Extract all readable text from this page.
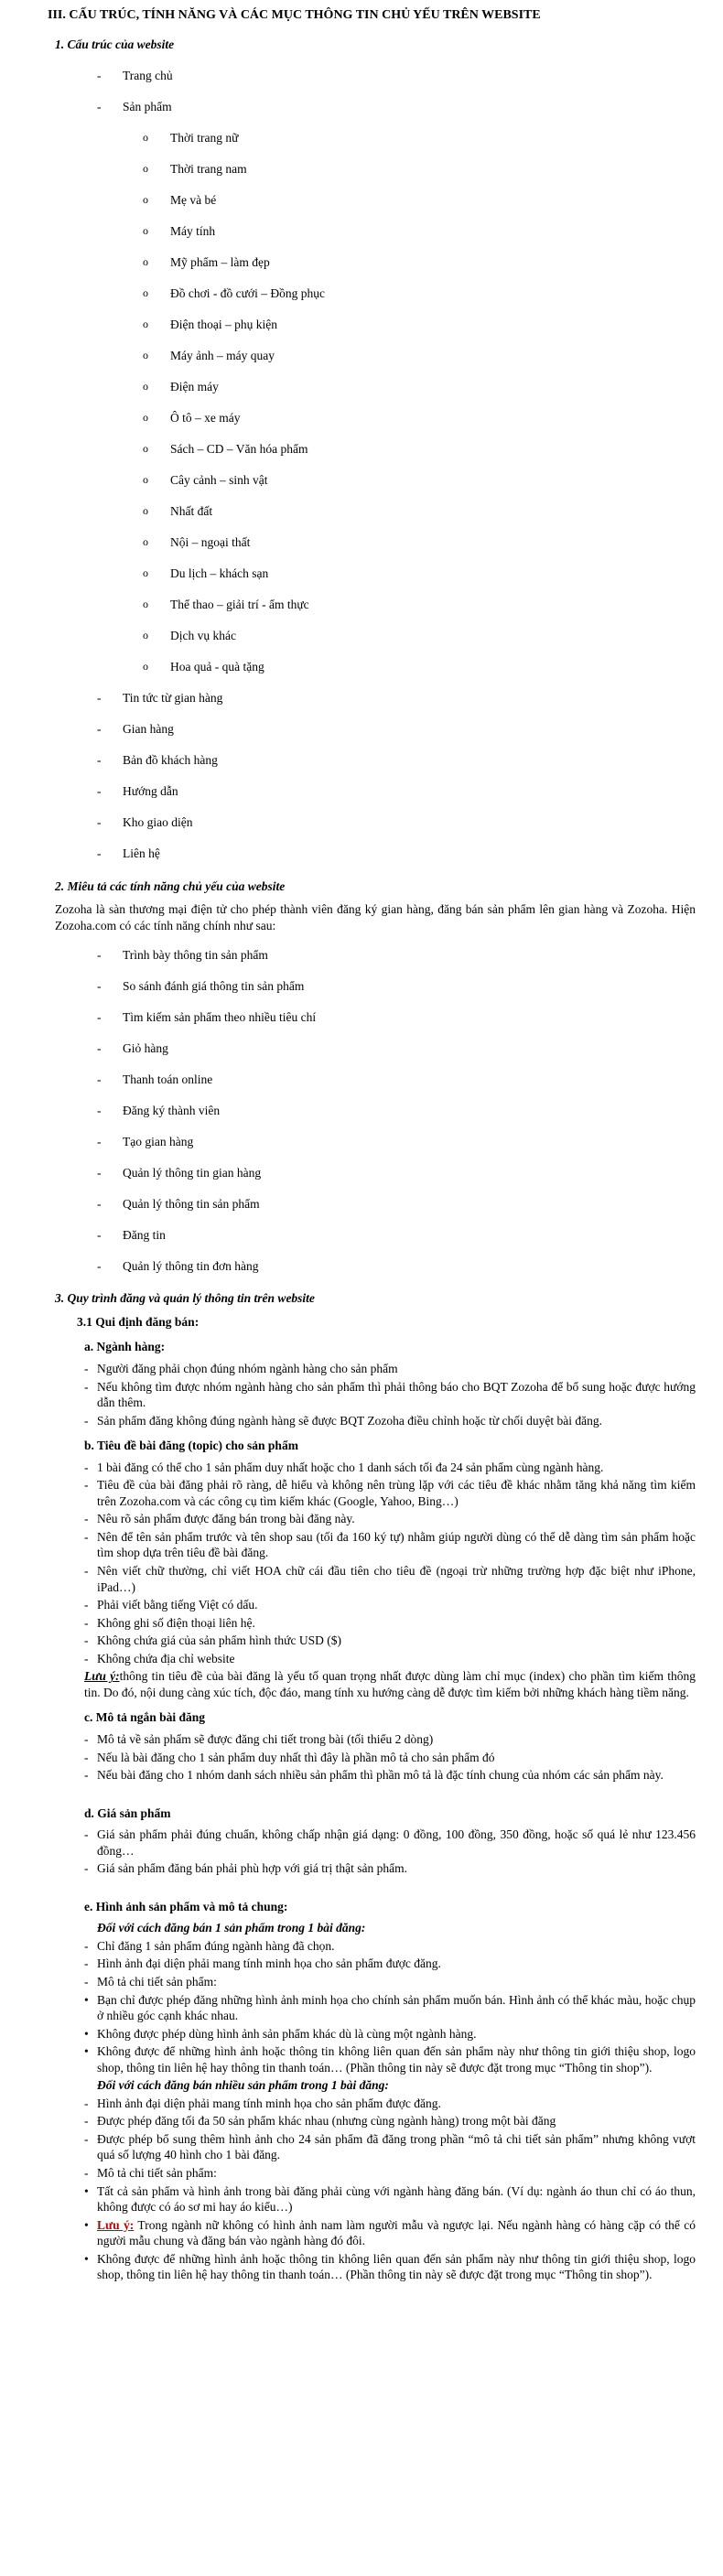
III. CẤU TRÚC, TÍNH NĂNG VÀ CÁC MỤC THÔNG TIN CHỦ YẾU TRÊN WEBSITE
1. Cấu trúc của website
- Trang chủ
- Sản phẩm
o Thời trang nữ
o Thời trang nam
o Mẹ và bé
o Máy tính
o Mỹ phẩm – làm đẹp
o Đồ chơi - đồ cưới – Đồng phục
o Điện thoại – phụ kiện
o Máy ảnh – máy quay
o Điện máy
o Ô tô – xe máy
o Sách – CD – Văn hóa phẩm
o Cây cảnh – sinh vật
o Nhất đất
o Nội – ngoại thất
o Du lịch – khách sạn
o Thể thao – giải trí - ẩm thực
o Dịch vụ khác
o Hoa quả - quà tặng
- Tin tức từ gian hàng
- Gian hàng
- Bản đồ khách hàng
- Hướng dẫn
- Kho giao diện
- Liên hệ
2. Miêu tả các tính năng chủ yếu của website

Zozoha là sàn thương mại điện tử cho phép thành viên đăng ký gian hàng, đăng bán sản phẩm lên gian hàng và Zozoha. Hiện Zozoha.com có các tính năng chính như sau:

- Trình bày thông tin sản phẩm
- So sánh đánh giá thông tin sản phẩm
- Tìm kiếm sản phẩm theo nhiều tiêu chí
- Giỏ hàng
- Thanh toán online
- Đăng ký thành viên
- Tạo gian hàng
- Quản lý thông tin gian hàng
- Quản lý thông tin sản phẩm
- Đăng tin
- Quản lý thông tin đơn hàng
3. Quy trình đăng và quản lý thông tin trên website
3.1 Qui định đăng bán:
a. Ngành hàng:
- Người đăng phải chọn đúng nhóm ngành hàng cho sản phẩm
- Nếu không tìm được nhóm ngành hàng cho sản phẩm thì phải thông báo cho BQT Zozoha để bổ sung hoặc được hướng dẫn thêm.
- Sản phẩm đăng không đúng ngành hàng sẽ được BQT Zozoha điều chỉnh hoặc từ chối duyệt bài đăng.
b. Tiêu đề bài đăng (topic) cho sản phẩm
- 1 bài đăng có thể cho 1 sản phẩm duy nhất hoặc cho 1 danh sách tối đa 24 sản phẩm cùng ngành hàng.
- Tiêu đề của bài đăng phải rõ ràng, dễ hiểu và không nên trùng lặp với các tiêu đề khác nhằm tăng khả năng tìm kiếm trên Zozoha.com và các công cụ tìm kiếm khác (Google, Yahoo, Bing…)
- Nêu rõ sản phẩm được đăng bán trong bài đăng này.
- Nên để tên sản phẩm trước và tên shop sau (tối đa 160 ký tự) nhằm giúp người dùng có thể dễ dàng tìm sản phẩm hoặc tìm shop dựa trên tiêu đề bài đăng.
- Nên viết chữ thường, chỉ viết HOA chữ cái đầu tiên cho tiêu đề (ngoại trừ những trường hợp đặc biệt như iPhone, iPad…)
- Phải viết bằng tiếng Việt có dấu.
- Không ghi số điện thoại liên hệ.
- Không chứa giá của sản phẩm hình thức USD ($)
- Không chứa địa chỉ website

Lưu ý:thông tin tiêu đề của bài đăng là yếu tố quan trọng nhất được dùng làm chỉ mục (index) cho phần tìm kiếm thông tin. Do đó, nội dung càng xúc tích, độc đáo, mang tính xu hướng càng dễ được tìm kiếm bởi những khách hàng tiềm năng.

c. Mô tả ngắn bài đăng
- Mô tả về sản phẩm sẽ được đăng chi tiết trong bài (tối thiểu 2 dòng)
- Nếu là bài đăng cho 1 sản phẩm duy nhất thì đây là phần mô tả cho sản phẩm đó
- Nếu bài đăng cho 1 nhóm danh sách nhiều sản phẩm thì phần mô tả là đặc tính chung của nhóm các sản phẩm này.
d. Giá sản phẩm
- Giá sản phẩm phải đúng chuẩn, không chấp nhận giá dạng: 0 đồng, 100 đồng, 350 đồng, hoặc số quá lẻ như 123.456 đồng…
- Giá sản phẩm đăng bán phải phù hợp với giá trị thật sản phẩm.
e. Hình ảnh sản phẩm và mô tả chung:
Đối với cách đăng bán 1 sản phẩm trong 1 bài đăng:
- Chỉ đăng 1 sản phẩm đúng ngành hàng đã chọn.
- Hình ảnh đại diện phải mang tính minh họa cho sản phẩm được đăng.
- Mô tả chi tiết sản phẩm:
• Bạn chỉ được phép đăng những hình ảnh minh họa cho chính sản phẩm muốn bán. Hình ảnh có thể khác màu, hoặc chụp ở nhiều góc cạnh khác nhau.
• Không được phép dùng hình ảnh sản phẩm khác dù là cùng một ngành hàng.
• Không được để những hình ảnh hoặc thông tin không liên quan đến sản phẩm này như thông tin giới thiệu shop, logo shop, thông tin liên hệ hay thông tin thanh toán… (Phần thông tin này sẽ được đặt trong mục “Thông tin shop”).
Đối với cách đăng bán nhiều sản phẩm trong 1 bài đăng:
- Hình ảnh đại diện phải mang tính minh họa cho sản phẩm được đăng.
- Được phép đăng tối đa 50 sản phẩm khác nhau (nhưng cùng ngành hàng) trong một bài đăng
- Được phép bổ sung thêm hình ảnh cho 24 sản phẩm đã đăng trong phần “mô tả chi tiết sản phẩm” nhưng không vượt quá số lượng 40 hình cho 1 bài đăng.
- Mô tả chi tiết sản phẩm:
• Tất cả sản phẩm và hình ảnh trong bài đăng phải cùng với ngành hàng đăng bán. (Ví dụ: ngành áo thun chỉ có áo thun, không được có áo sơ mi hay áo kiểu…)
• Lưu ý: Trong ngành nữ không có hình ảnh nam làm người mẫu và ngược lại. Nếu ngành hàng có hàng cặp có thể có người mẫu chung và đăng bán vào ngành hàng đó đôi.
• Không được để những hình ảnh hoặc thông tin không liên quan đến sản phẩm này như thông tin giới thiệu shop, logo shop, thông tin liên hệ hay thông tin thanh toán… (Phần thông tin này sẽ được đặt trong mục “Thông tin shop”).
